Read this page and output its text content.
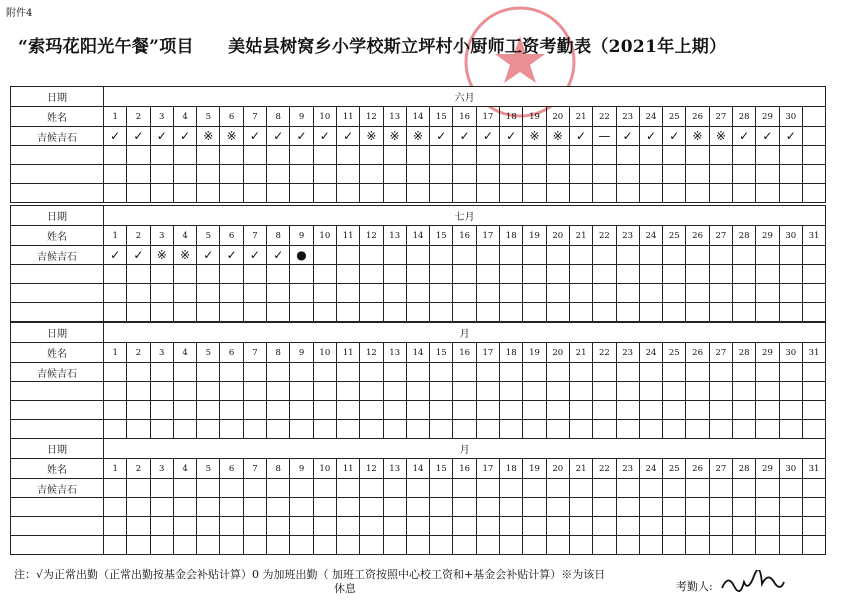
附件4
“索玛花阳光午餐”项目 美姑县树窝乡小学校斯立坪村小厨师工资考勤表（2021年上期）
日期	六月																														
姓名	1	2	3	4	5	6	7	8	9	10	11	12	13	14	15	16	17	18	19	20	21	22	23	24	25	26	27	28	29	30	
吉候吉石	✓	✓	✓	✓	※	※	✓	✓	✓	✓	✓	※	※	※	✓	✓	✓	✓	※	※	✓	—	✓	✓	✓	※	※	✓	✓	✓	

日期	七月																														
姓名	1	2	3	4	5	6	7	8	9	10	11	12	13	14	15	16	17	18	19	20	21	22	23	24	25	26	27	28	29	30	31
吉候吉石	✓	✓	※	※	✓	✓	✓	✓	●																						

日期	月																														
姓名	1	2	3	4	5	6	7	8	9	10	11	12	13	14	15	16	17	18	19	20	21	22	23	24	25	26	27	28	29	30	31
吉候吉石																															

日期	月																														
姓名	1	2	3	4	5	6	7	8	9	10	11	12	13	14	15	16	17	18	19	20	21	22	23	24	25	26	27	28	29	30	31
吉候吉石																															

注：√为正常出勤（正常出勤按基金会补贴计算）0 为加班出勤（ 加班工资按照中心校工资和+基金会补贴计算）※为该日
休息	考勤人:
